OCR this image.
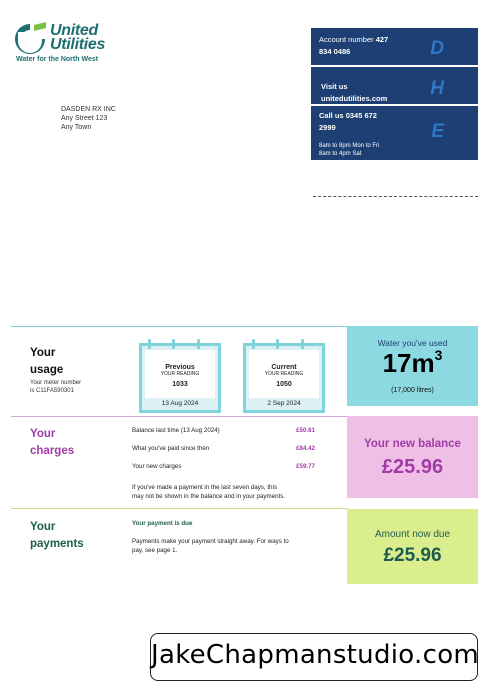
United
Utilities
Water for the North West
Account number 427
834 0486	D
Visit us
unitedutilities.com H
Call us 0345 672
2999
8am to 8pm Mon to Fri
8am to 4pm Sat
E
DASDEN RX INC
Any Street 123
Any Town
Your
usage
Your meter number
is C11FA590301
Previous
YOUR READING
1033
13 Aug 2024
Current
YOUR READING
1050
2 Sep 2024
Water you've used
$17m^3$
(17,000 litres)
Your
charges
Balance last time (13 Aug 2024)	£50.61
What you've paid since then	£84.42
Your new charges	£59.77
If you've made a payment in the last seven days, this
may not be shown in the balance and in your payments.
Your new balance
£25.96
Your
payments
Your payment is due
Payments make your payment straight away. For ways to
pay, see page 1.
Amount now due
£25.96
JakeChapmanstudio.com
